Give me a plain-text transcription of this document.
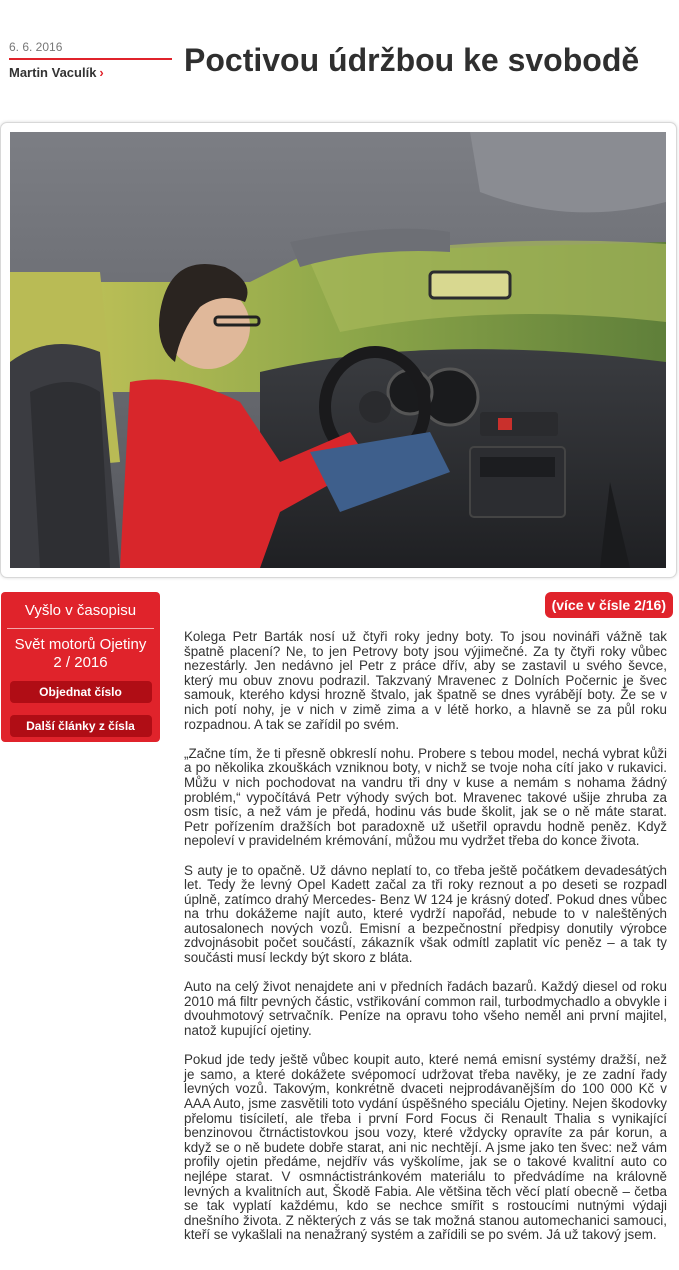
6. 6. 2016
Martin Vaculík ›	Poctivou údržbou ke svobodě
Vyšlo v časopisu
Svět motorů Ojetiny
2 / 2016
Objednat číslo
Další články z čísla
(více v čísle 2/16)

Kolega Petr Barták nosí už čtyři roky jedny boty. To jsou novináři vážně tak špatně placení? Ne, to jen Petrovy boty jsou výjimečné. Za ty čtyři roky vůbec nezestárly. Jen nedávno jel Petr z práce dřív, aby se zastavil u svého ševce, který mu obuv znovu podrazil. Takzvaný Mravenec z Dolních Počernic je švec samouk, kterého kdysi hrozně štvalo, jak špatně se dnes vyrábějí boty. Že se v nich potí nohy, je v nich v zimě zima a v létě horko, a hlavně se za půl roku rozpadnou. A tak se zařídil po svém.

„Začne tím, že ti přesně obkreslí nohu. Probere s tebou model, nechá vybrat kůži a po několika zkouškách vzniknou boty, v nichž se tvoje noha cítí jako v rukavici. Můžu v nich pochodovat na vandru tři dny v kuse a nemám s nohama žádný problém,“ vypočítává Petr výhody svých bot. Mravenec takové ušije zhruba za osm tisíc, a než vám je předá, hodinu vás bude školit, jak se o ně máte starat. Petr pořízením dražších bot paradoxně už ušetřil opravdu hodně peněz. Když nepoleví v pravidelném krémování, můžou mu vydržet třeba do konce života.

S auty je to opačně. Už dávno neplatí to, co třeba ještě počátkem devadesátých let. Tedy že levný Opel Kadett začal za tři roky reznout a po deseti se rozpadl úplně, zatímco drahý Mercedes- Benz W 124 je krásný doteď. Pokud dnes vůbec na trhu dokážeme najít auto, které vydrží napořád, nebude to v naleštěných autosalonech nových vozů. Emisní a bezpečnostní předpisy donutily výrobce zdvojnásobit počet součástí, zákazník však odmítl zaplatit víc peněz – a tak ty součásti musí leckdy být skoro z bláta.

Auto na celý život nenajdete ani v předních řadách bazarů. Každý diesel od roku 2010 má filtr pevných částic, vstřikování common rail, turbodmychadlo a obvykle i dvouhmotový setrvačník. Peníze na opravu toho všeho neměl ani první majitel, natož kupující ojetiny.

Pokud jde tedy ještě vůbec koupit auto, které nemá emisní systémy dražší, než je samo, a které dokážete svépomocí udržovat třeba navěky, je ze zadní řady levných vozů. Takovým, konkrétně dvaceti nejprodávanějším do 100 000 Kč v AAA Auto, jsme zasvětili toto vydání úspěšného speciálu Ojetiny. Nejen škodovky přelomu tisíciletí, ale třeba i první Ford Focus či Renault Thalia s vynikající benzinovou čtrnáctistovkou jsou vozy, které vždycky opravíte za pár korun, a když se o ně budete dobře starat, ani nic nechtějí. A jsme jako ten švec: než vám profily ojetin předáme, nejdřív vás vyškolíme, jak se o takové kvalitní auto co nejlépe starat. V osmnáctistránkovém materiálu to předvádíme na královně levných a kvalitních aut, Škodě Fabia. Ale většina těch věcí platí obecně – četba se tak vyplatí každému, kdo se nechce smířit s rostoucími nutnými výdaji dnešního života. Z některých z vás se tak možná stanou automechanici samouci, kteří se vykašlali na nenažraný systém a zařídili se po svém. Já už takový jsem.
